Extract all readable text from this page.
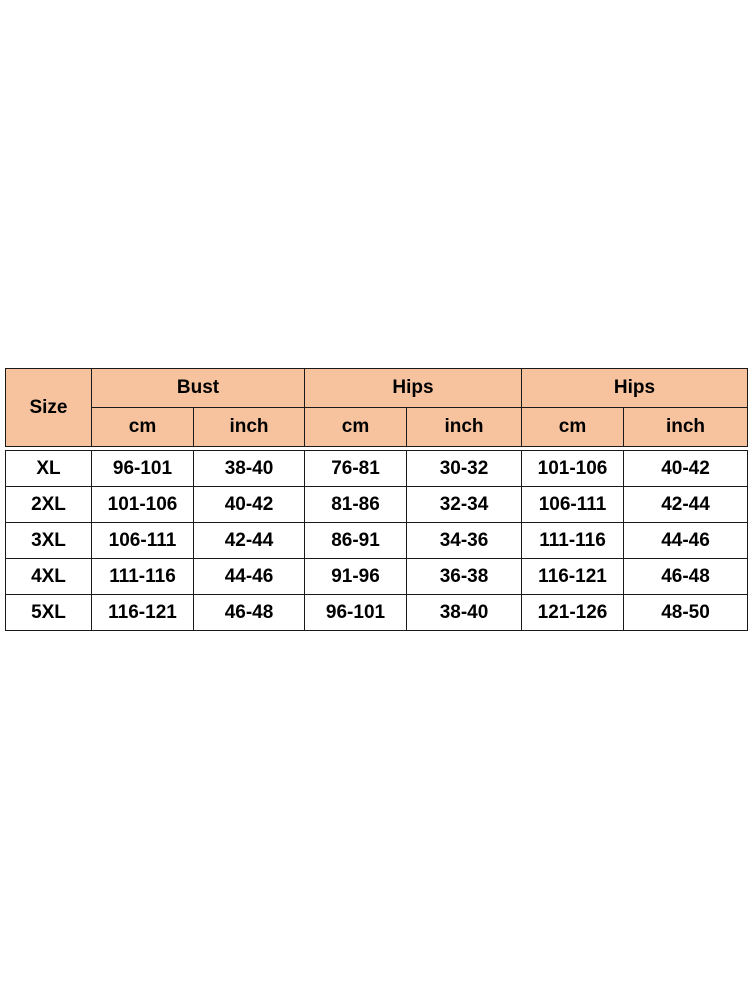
Size	Bust		Hips		Hips	
	cm	inch	cm	inch	cm	inch

XL	96-101	38-40	76-81	30-32	101-106	40-42
2XL	101-106	40-42	81-86	32-34	106-111	42-44
3XL	106-111	42-44	86-91	34-36	111-116	44-46
4XL	111-116	44-46	91-96	36-38	116-121	46-48
5XL	116-121	46-48	96-101	38-40	121-126	48-50
